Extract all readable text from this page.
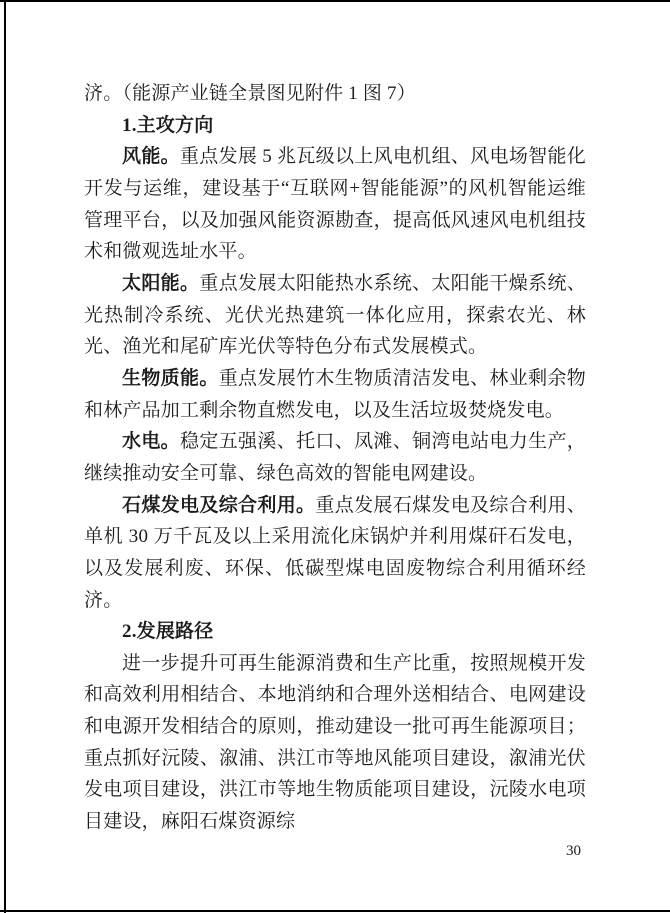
济。（能源产业链全景图见附件 1 图 7）

1.主攻方向

风能。重点发展 5 兆瓦级以上风电机组、风电场智能化开发与运维，建设基于“互联网+智能能源”的风机智能运维管理平台，以及加强风能资源勘查，提高低风速风电机组技术和微观选址水平。

太阳能。重点发展太阳能热水系统、太阳能干燥系统、光热制冷系统、光伏光热建筑一体化应用，探索农光、林光、渔光和尾矿库光伏等特色分布式发展模式。

生物质能。重点发展竹木生物质清洁发电、林业剩余物和林产品加工剩余物直燃发电，以及生活垃圾焚烧发电。

水电。稳定五强溪、托口、凤滩、铜湾电站电力生产，继续推动安全可靠、绿色高效的智能电网建设。

石煤发电及综合利用。重点发展石煤发电及综合利用、单机 30 万千瓦及以上采用流化床锅炉并利用煤矸石发电，以及发展利废、环保、低碳型煤电固废物综合利用循环经济。

2.发展路径

进一步提升可再生能源消费和生产比重，按照规模开发和高效利用相结合、本地消纳和合理外送相结合、电网建设和电源开发相结合的原则，推动建设一批可再生能源项目；重点抓好沅陵、溆浦、洪江市等地风能项目建设，溆浦光伏发电项目建设，洪江市等地生物质能项目建设，沅陵水电项目建设，麻阳石煤资源综

30
